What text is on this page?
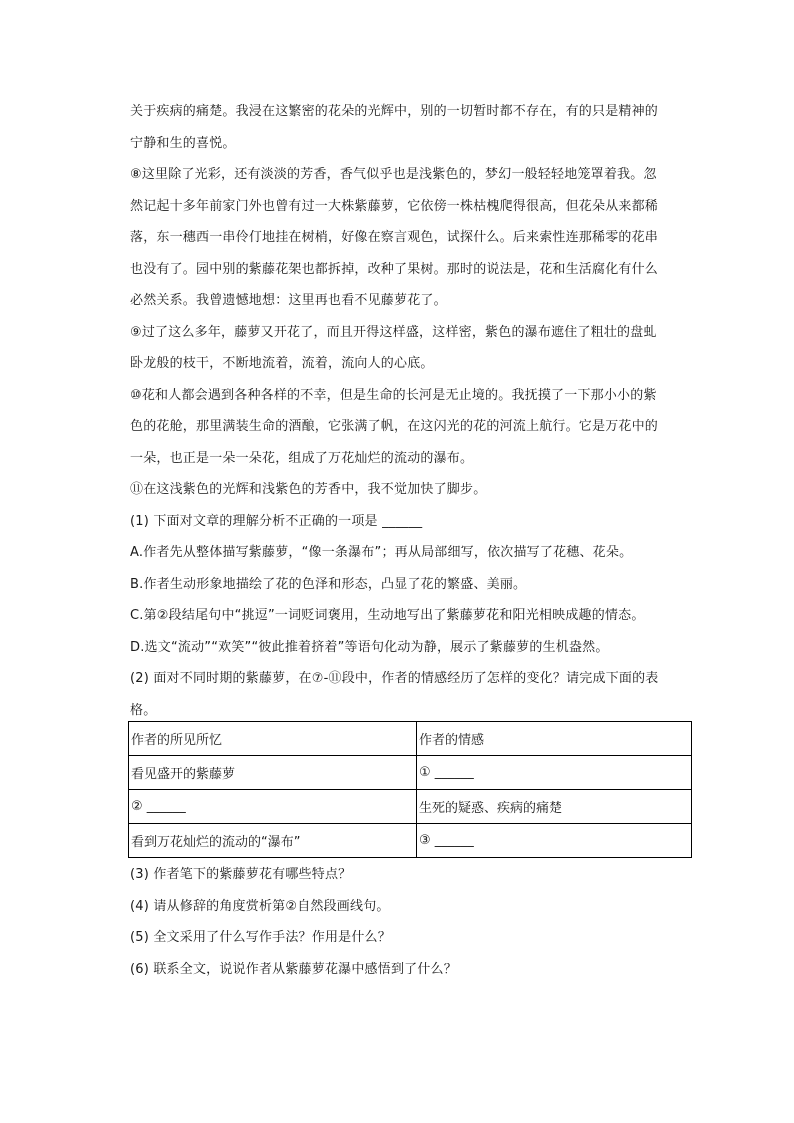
关于疾病的痛楚。我浸在这繁密的花朵的光辉中，别的一切暂时都不存在，有的只是精神的

宁静和生的喜悦。

⑧这里除了光彩，还有淡淡的芳香，香气似乎也是浅紫色的，梦幻一般轻轻地笼罩着我。忽

然记起十多年前家门外也曾有过一大株紫藤萝，它依傍一株枯槐爬得很高，但花朵从来都稀

落，东一穗西一串伶仃地挂在树梢，好像在察言观色，试探什么。后来索性连那稀零的花串

也没有了。园中别的紫藤花架也都拆掉，改种了果树。那时的说法是，花和生活腐化有什么

必然关系。我曾遗憾地想：这里再也看不见藤萝花了。

⑨过了这么多年，藤萝又开花了，而且开得这样盛，这样密，紫色的瀑布遮住了粗壮的盘虬

卧龙般的枝干，不断地流着，流着，流向人的心底。

⑩花和人都会遇到各种各样的不幸，但是生命的长河是无止境的。我抚摸了一下那小小的紫

色的花舱，那里满装生命的酒酿，它张满了帆，在这闪光的花的河流上航行。它是万花中的

一朵，也正是一朵一朵花，组成了万花灿烂的流动的瀑布。

⑪在这浅紫色的光辉和浅紫色的芳香中，我不觉加快了脚步。

(1) 下面对文章的理解分析不正确的一项是 ______

A.作者先从整体描写紫藤萝，“像一条瀑布”；再从局部细写，依次描写了花穗、花朵。

B.作者生动形象地描绘了花的色泽和形态，凸显了花的繁盛、美丽。

C.第②段结尾句中“挑逗”一词贬词褒用，生动地写出了紫藤萝花和阳光相映成趣的情态。

D.选文“流动”“欢笑”“彼此推着挤着”等语句化动为静，展示了紫藤萝的生机盎然。

(2) 面对不同时期的紫藤萝，在⑦-⑪段中，作者的情感经历了怎样的变化？请完成下面的表

格。

作者的所见所忆	作者的情感
看见盛开的紫藤萝	① ______
② ______	生死的疑惑、疾病的痛楚
看到万花灿烂的流动的“瀑布”	③ ______

(3) 作者笔下的紫藤萝花有哪些特点？

(4) 请从修辞的角度赏析第②自然段画线句。

(5) 全文采用了什么写作手法？作用是什么？

(6) 联系全文，说说作者从紫藤萝花瀑中感悟到了什么？
